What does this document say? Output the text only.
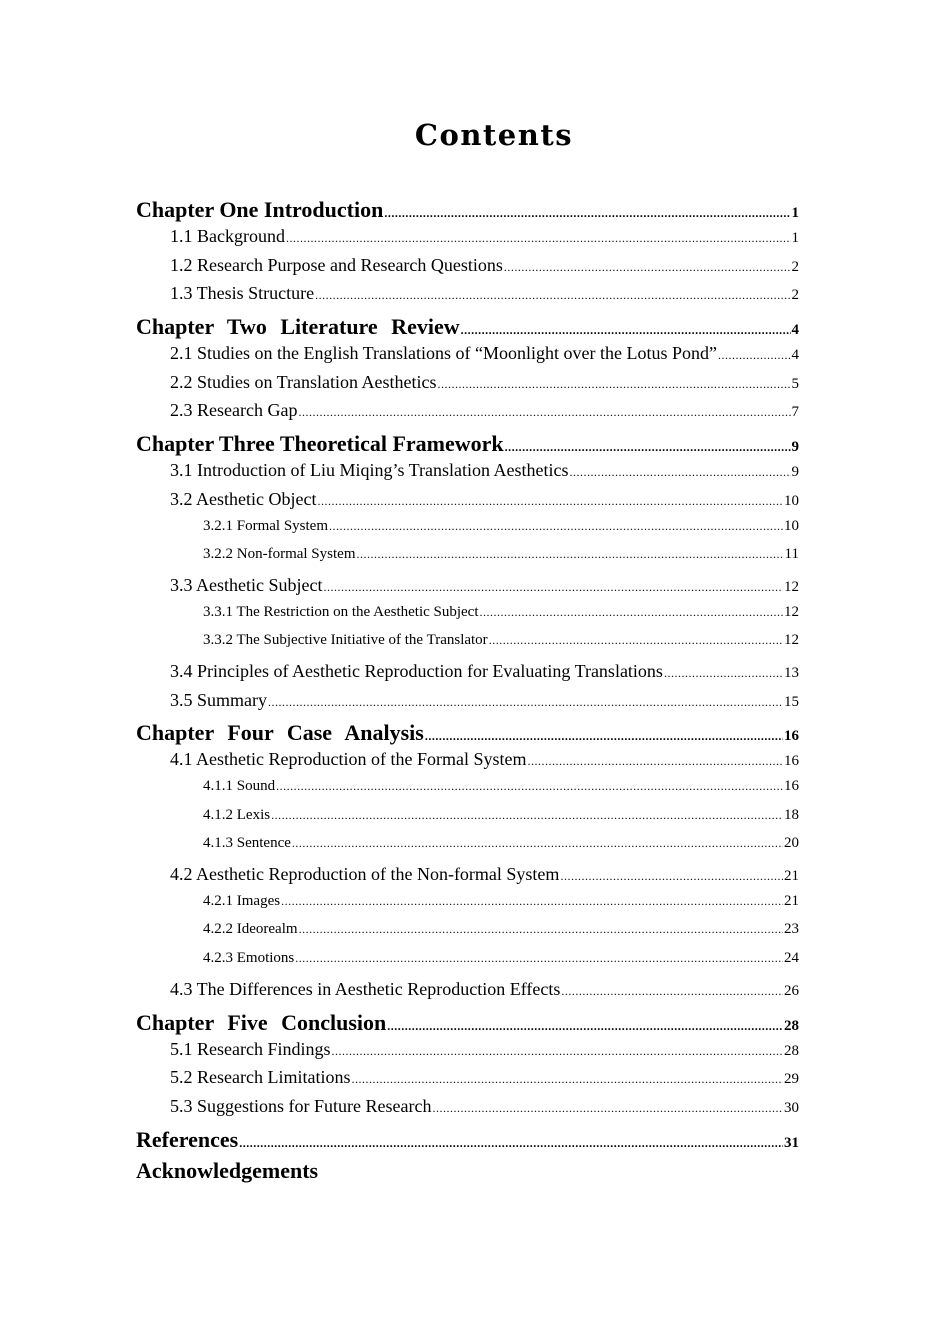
Contents
Chapter One Introduction .....	1
1.1 Background .....	1
1.2 Research Purpose and Research Questions .....	2
1.3 Thesis Structure .....	2
Chapter Two Literature Review .....	4
2.1 Studies on the English Translations of “Moonlight over the Lotus Pond” .....	4
2.2 Studies on Translation Aesthetics .....	5
2.3 Research Gap .....	7
Chapter Three Theoretical Framework .....	9
3.1 Introduction of Liu Miqing’s Translation Aesthetics .....	9
3.2 Aesthetic Object .....	10
3.2.1 Formal System .....	10
3.2.2 Non-formal System .....	11
3.3 Aesthetic Subject .....	12
3.3.1 The Restriction on the Aesthetic Subject .....	12
3.3.2 The Subjective Initiative of the Translator .....	12
3.4 Principles of Aesthetic Reproduction for Evaluating Translations .....	13
3.5 Summary .....	15
Chapter Four Case Analysis .....	16
4.1 Aesthetic Reproduction of the Formal System .....	16
4.1.1 Sound .....	16
4.1.2 Lexis .....	18
4.1.3 Sentence .....	20
4.2 Aesthetic Reproduction of the Non-formal System .....	21
4.2.1 Images .....	21
4.2.2 Ideorealm .....	23
4.2.3 Emotions .....	24
4.3 The Differences in Aesthetic Reproduction Effects .....	26
Chapter Five Conclusion .....	28
5.1 Research Findings .....	28
5.2 Research Limitations .....	29
5.3 Suggestions for Future Research .....	30
References .....	31
Acknowledgements
